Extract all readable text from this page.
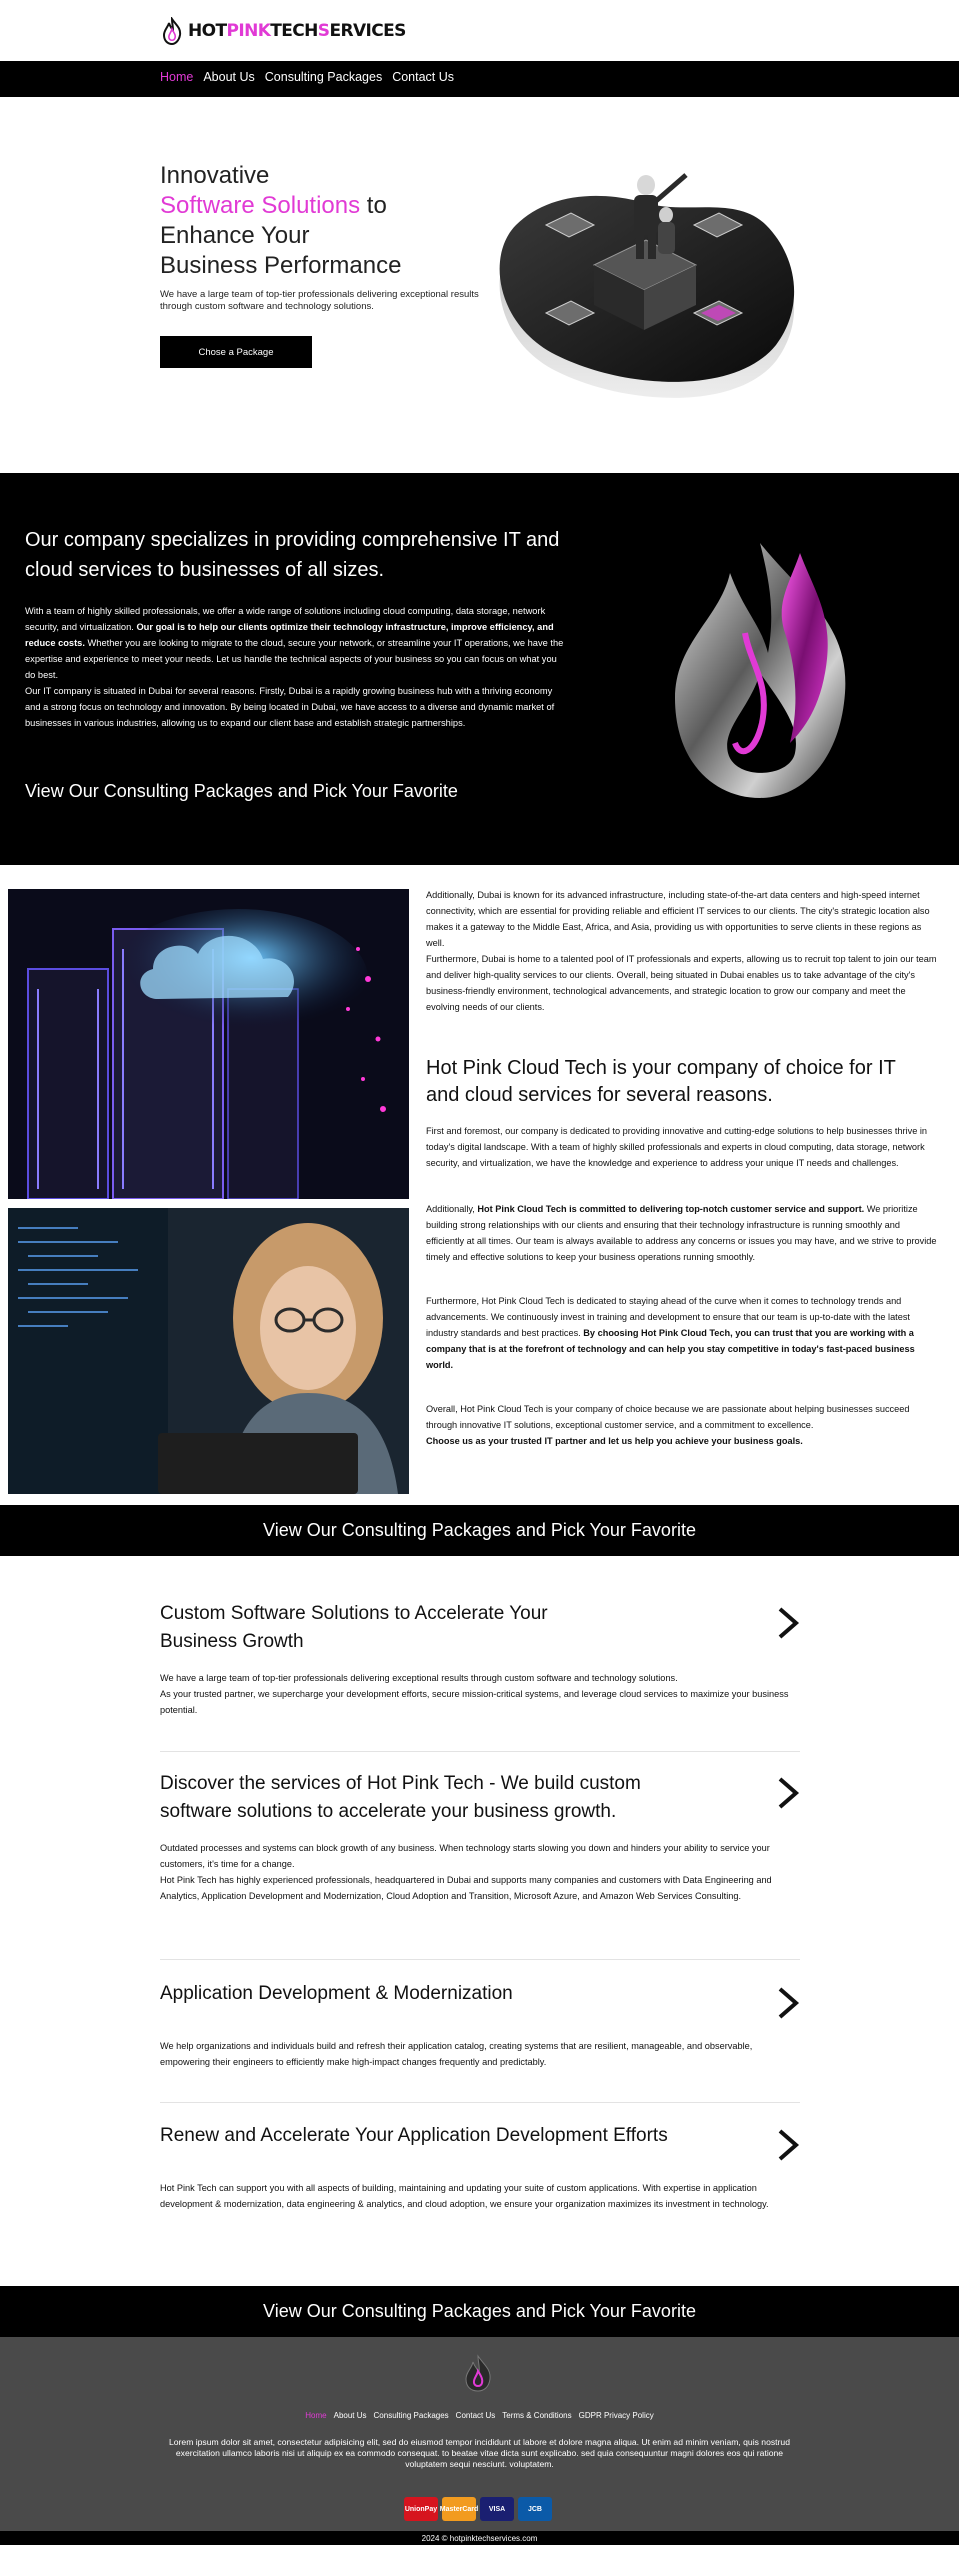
HOTPINKTECHSERVICES
Home About Us Consulting Packages Contact Us
Innovative
Software Solutions to
Enhance Your
Business Performance

We have a large team of top-tier professionals delivering exceptional results through custom software and technology solutions.

Chose a Package
Our company specializes in providing comprehensive IT and cloud services to businesses of all sizes.
With a team of highly skilled professionals, we offer a wide range of solutions including cloud computing, data storage, network security, and virtualization. Our goal is to help our clients optimize their technology infrastructure, improve efficiency, and reduce costs. Whether you are looking to migrate to the cloud, secure your network, or streamline your IT operations, we have the expertise and experience to meet your needs. Let us handle the technical aspects of your business so you can focus on what you do best.
Our IT company is situated in Dubai for several reasons. Firstly, Dubai is a rapidly growing business hub with a thriving economy and a strong focus on technology and innovation. By being located in Dubai, we have access to a diverse and dynamic market of businesses in various industries, allowing us to expand our client base and establish strategic partnerships.
View Our Consulting Packages and Pick Your Favorite
Additionally, Dubai is known for its advanced infrastructure, including state-of-the-art data centers and high-speed internet connectivity, which are essential for providing reliable and efficient IT services to our clients. The city's strategic location also makes it a gateway to the Middle East, Africa, and Asia, providing us with opportunities to serve clients in these regions as well.
Furthermore, Dubai is home to a talented pool of IT professionals and experts, allowing us to recruit top talent to join our team and deliver high-quality services to our clients. Overall, being situated in Dubai enables us to take advantage of the city's business-friendly environment, technological advancements, and strategic location to grow our company and meet the evolving needs of our clients.
Hot Pink Cloud Tech is your company of choice for IT and cloud services for several reasons.
First and foremost, our company is dedicated to providing innovative and cutting-edge solutions to help businesses thrive in today's digital landscape. With a team of highly skilled professionals and experts in cloud computing, data storage, network security, and virtualization, we have the knowledge and experience to address your unique IT needs and challenges.
Additionally, Hot Pink Cloud Tech is committed to delivering top-notch customer service and support. We prioritize building strong relationships with our clients and ensuring that their technology infrastructure is running smoothly and efficiently at all times. Our team is always available to address any concerns or issues you may have, and we strive to provide timely and effective solutions to keep your business operations running smoothly.
Furthermore, Hot Pink Cloud Tech is dedicated to staying ahead of the curve when it comes to technology trends and advancements. We continuously invest in training and development to ensure that our team is up-to-date with the latest industry standards and best practices. By choosing Hot Pink Cloud Tech, you can trust that you are working with a company that is at the forefront of technology and can help you stay competitive in today's fast-paced business world.
Overall, Hot Pink Cloud Tech is your company of choice because we are passionate about helping businesses succeed through innovative IT solutions, exceptional customer service, and a commitment to excellence.
Choose us as your trusted IT partner and let us help you achieve your business goals.
View Our Consulting Packages and Pick Your Favorite
Custom Software Solutions to Accelerate Your Business Growth

We have a large team of top-tier professionals delivering exceptional results through custom software and technology solutions.
As your trusted partner, we supercharge your development efforts, secure mission-critical systems, and leverage cloud services to maximize your business potential.

Discover the services of Hot Pink Tech - We build custom software solutions to accelerate your business growth.

Outdated processes and systems can block growth of any business. When technology starts slowing you down and hinders your ability to service your customers, it's time for a change.
Hot Pink Tech has highly experienced professionals, headquartered in Dubai and supports many companies and customers with Data Engineering and Analytics, Application Development and Modernization, Cloud Adoption and Transition, Microsoft Azure, and Amazon Web Services Consulting.

Application Development & Modernization

We help organizations and individuals build and refresh their application catalog, creating systems that are resilient, manageable, and observable, empowering their engineers to efficiently make high-impact changes frequently and predictably.

Renew and Accelerate Your Application Development Efforts

Hot Pink Tech can support you with all aspects of building, maintaining and updating your suite of custom applications. With expertise in application development & modernization, data engineering & analytics, and cloud adoption, we ensure your organization maximizes its investment in technology.

View Our Consulting Packages and Pick Your Favorite
Home About Us Consulting Packages Contact Us Terms & Conditions GDPR Privacy Policy
Lorem ipsum dolor sit amet, consectetur adipisicing elit, sed do eiusmod tempor incididunt ut labore et dolore magna aliqua. Ut enim ad minim veniam, quis nostrud exercitation ullamco laboris nisi ut aliquip ex ea commodo consequat. to beatae vitae dicta sunt explicabo. sed quia consequuntur magni dolores eos qui ratione voluptatem sequi nesciunt. voluptatem.
UnionPay MasterCard	VISA	JCB
2024 © hotpinktechservices.com
